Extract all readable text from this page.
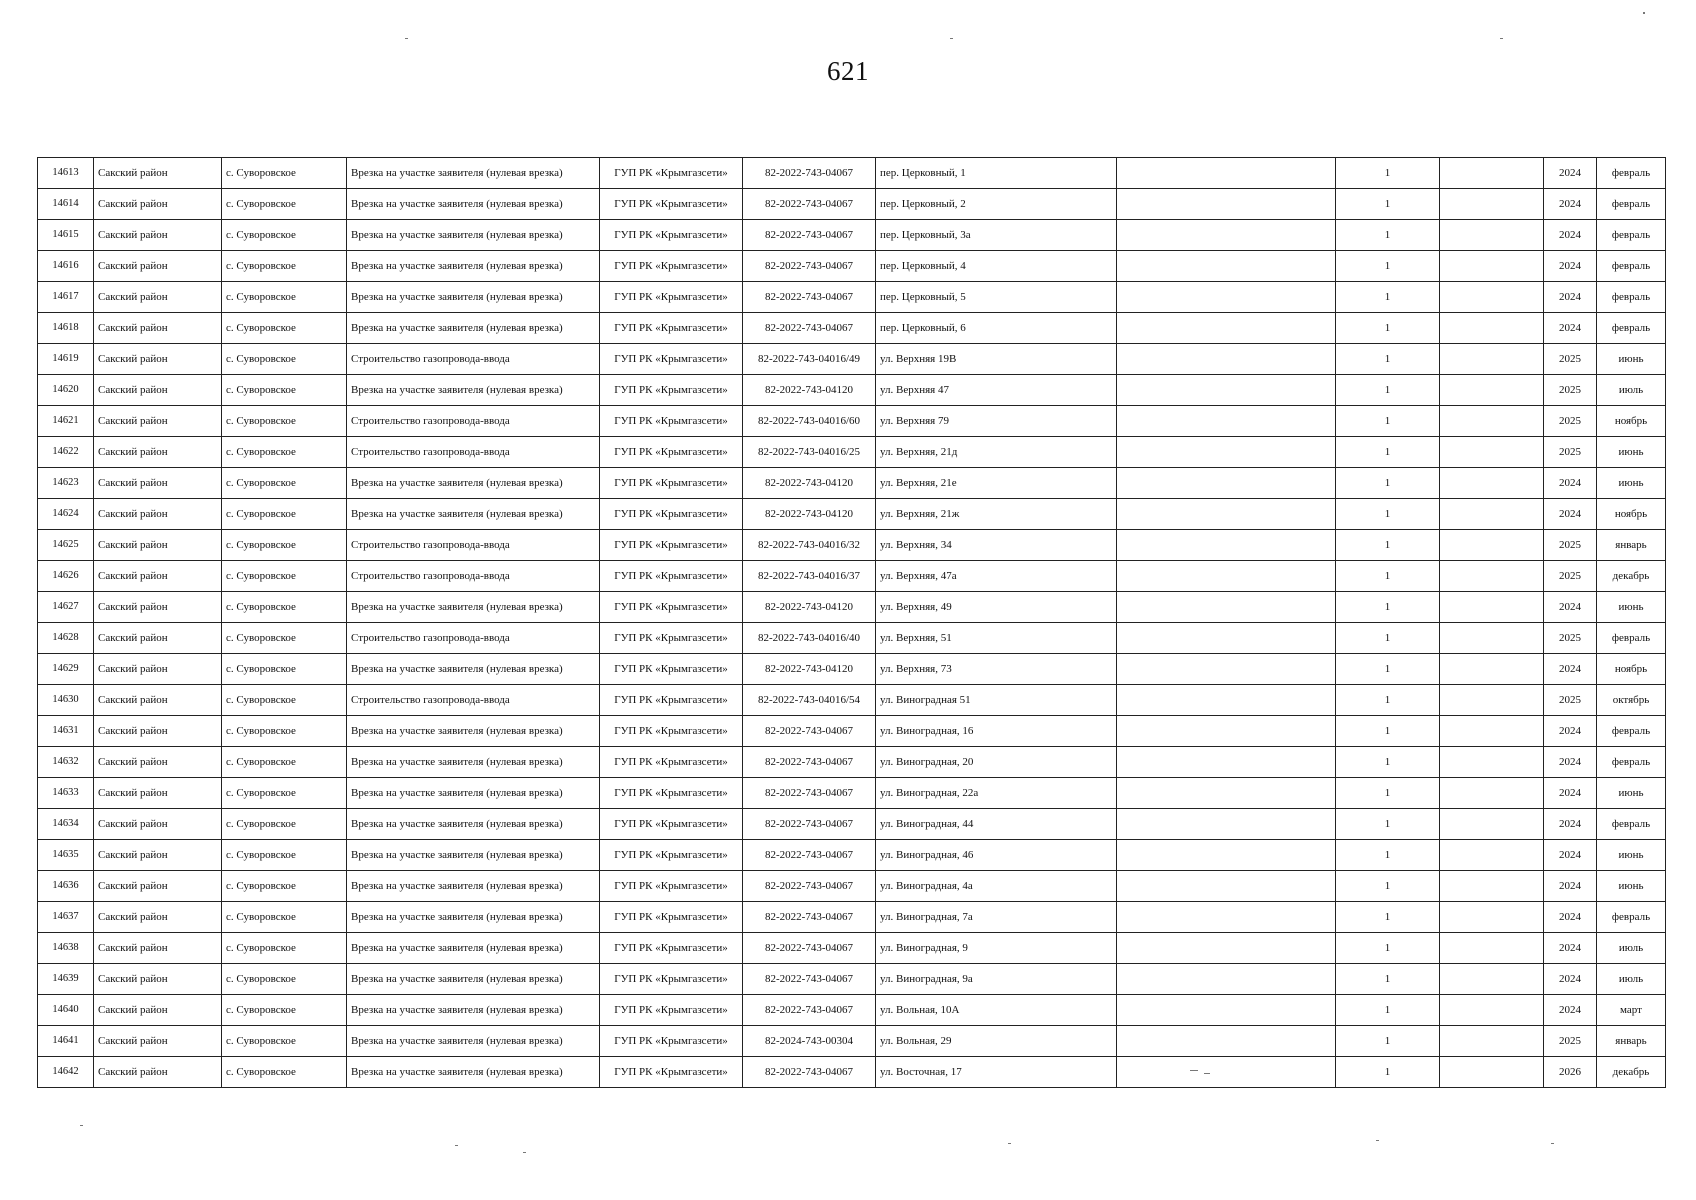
621
14613	Сакский район	с. Суворовское	Врезка на участке заявителя (нулевая врезка)	ГУП РК «Крымгазсети»	82-2022-743-04067	пер. Церковный, 1		1		2024	февраль
14614	Сакский район	с. Суворовское	Врезка на участке заявителя (нулевая врезка)	ГУП РК «Крымгазсети»	82-2022-743-04067	пер. Церковный, 2		1		2024	февраль
14615	Сакский район	с. Суворовское	Врезка на участке заявителя (нулевая врезка)	ГУП РК «Крымгазсети»	82-2022-743-04067	пер. Церковный, 3а		1		2024	февраль
14616	Сакский район	с. Суворовское	Врезка на участке заявителя (нулевая врезка)	ГУП РК «Крымгазсети»	82-2022-743-04067	пер. Церковный, 4		1		2024	февраль
14617	Сакский район	с. Суворовское	Врезка на участке заявителя (нулевая врезка)	ГУП РК «Крымгазсети»	82-2022-743-04067	пер. Церковный, 5		1		2024	февраль
14618	Сакский район	с. Суворовское	Врезка на участке заявителя (нулевая врезка)	ГУП РК «Крымгазсети»	82-2022-743-04067	пер. Церковный, 6		1		2024	февраль
14619	Сакский район	с. Суворовское	Строительство газопровода-ввода	ГУП РК «Крымгазсети»	82-2022-743-04016/49	ул. Верхняя 19В		1		2025	июнь
14620	Сакский район	с. Суворовское	Врезка на участке заявителя (нулевая врезка)	ГУП РК «Крымгазсети»	82-2022-743-04120	ул. Верхняя 47		1		2025	июль
14621	Сакский район	с. Суворовское	Строительство газопровода-ввода	ГУП РК «Крымгазсети»	82-2022-743-04016/60	ул. Верхняя 79		1		2025	ноябрь
14622	Сакский район	с. Суворовское	Строительство газопровода-ввода	ГУП РК «Крымгазсети»	82-2022-743-04016/25	ул. Верхняя, 21д		1		2025	июнь
14623	Сакский район	с. Суворовское	Врезка на участке заявителя (нулевая врезка)	ГУП РК «Крымгазсети»	82-2022-743-04120	ул. Верхняя, 21е		1		2024	июнь
14624	Сакский район	с. Суворовское	Врезка на участке заявителя (нулевая врезка)	ГУП РК «Крымгазсети»	82-2022-743-04120	ул. Верхняя, 21ж		1		2024	ноябрь
14625	Сакский район	с. Суворовское	Строительство газопровода-ввода	ГУП РК «Крымгазсети»	82-2022-743-04016/32	ул. Верхняя, 34		1		2025	январь
14626	Сакский район	с. Суворовское	Строительство газопровода-ввода	ГУП РК «Крымгазсети»	82-2022-743-04016/37	ул. Верхняя, 47а		1		2025	декабрь
14627	Сакский район	с. Суворовское	Врезка на участке заявителя (нулевая врезка)	ГУП РК «Крымгазсети»	82-2022-743-04120	ул. Верхняя, 49		1		2024	июнь
14628	Сакский район	с. Суворовское	Строительство газопровода-ввода	ГУП РК «Крымгазсети»	82-2022-743-04016/40	ул. Верхняя, 51		1		2025	февраль
14629	Сакский район	с. Суворовское	Врезка на участке заявителя (нулевая врезка)	ГУП РК «Крымгазсети»	82-2022-743-04120	ул. Верхняя, 73		1		2024	ноябрь
14630	Сакский район	с. Суворовское	Строительство газопровода-ввода	ГУП РК «Крымгазсети»	82-2022-743-04016/54	ул. Виноградная 51		1		2025	октябрь
14631	Сакский район	с. Суворовское	Врезка на участке заявителя (нулевая врезка)	ГУП РК «Крымгазсети»	82-2022-743-04067	ул. Виноградная, 16		1		2024	февраль
14632	Сакский район	с. Суворовское	Врезка на участке заявителя (нулевая врезка)	ГУП РК «Крымгазсети»	82-2022-743-04067	ул. Виноградная, 20		1		2024	февраль
14633	Сакский район	с. Суворовское	Врезка на участке заявителя (нулевая врезка)	ГУП РК «Крымгазсети»	82-2022-743-04067	ул. Виноградная, 22а		1		2024	июнь
14634	Сакский район	с. Суворовское	Врезка на участке заявителя (нулевая врезка)	ГУП РК «Крымгазсети»	82-2022-743-04067	ул. Виноградная, 44		1		2024	февраль
14635	Сакский район	с. Суворовское	Врезка на участке заявителя (нулевая врезка)	ГУП РК «Крымгазсети»	82-2022-743-04067	ул. Виноградная, 46		1		2024	июнь
14636	Сакский район	с. Суворовское	Врезка на участке заявителя (нулевая врезка)	ГУП РК «Крымгазсети»	82-2022-743-04067	ул. Виноградная, 4а		1		2024	июнь
14637	Сакский район	с. Суворовское	Врезка на участке заявителя (нулевая врезка)	ГУП РК «Крымгазсети»	82-2022-743-04067	ул. Виноградная, 7а		1		2024	февраль
14638	Сакский район	с. Суворовское	Врезка на участке заявителя (нулевая врезка)	ГУП РК «Крымгазсети»	82-2022-743-04067	ул. Виноградная, 9		1		2024	июль
14639	Сакский район	с. Суворовское	Врезка на участке заявителя (нулевая врезка)	ГУП РК «Крымгазсети»	82-2022-743-04067	ул. Виноградная, 9а		1		2024	июль
14640	Сакский район	с. Суворовское	Врезка на участке заявителя (нулевая врезка)	ГУП РК «Крымгазсети»	82-2022-743-04067	ул. Вольная, 10А		1		2024	март
14641	Сакский район	с. Суворовское	Врезка на участке заявителя (нулевая врезка)	ГУП РК «Крымгазсети»	82-2024-743-00304	ул. Вольная, 29		1		2025	январь
14642	Сакский район	с. Суворовское	Врезка на участке заявителя (нулевая врезка)	ГУП РК «Крымгазсети»	82-2022-743-04067	ул. Восточная, 17		1		2026	декабрь
